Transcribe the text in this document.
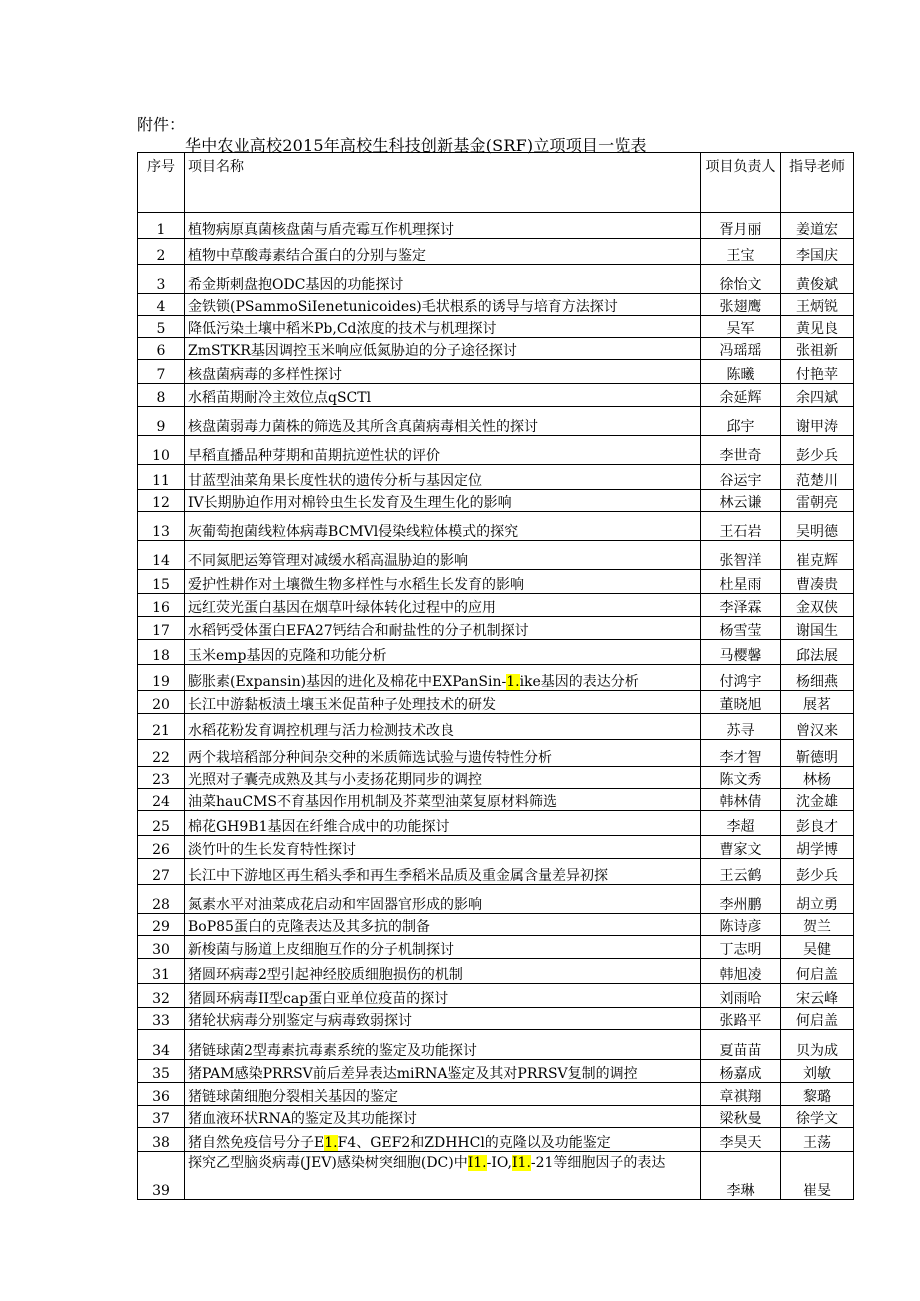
附件：
华中农业高校2015年高校生科技创新基金(SRF)立项项目一览表
序号	项目名称	项目负责人	指导老师
1	植物病原真菌核盘菌与盾壳霉互作机理探讨	胥月丽	姜道宏
2	植物中草酸毒素结合蛋白的分别与鉴定	王宝	李国庆
3	希金斯刺盘抱ODC基因的功能探讨	徐怡文	黄俊斌
4	金铁锁(PSammoSiIenetunicoides)毛状根系的诱导与培育方法探讨	张翅鹰	王炳锐
5	降低污染土壤中稻米Pb,Cd浓度的技术与机理探讨	吴军	黄见良
6	ZmSTKR基因调控玉米响应低氮胁迫的分子途径探讨	冯瑶瑶	张祖新
7	核盘菌病毒的多样性探讨	陈曦	付艳苹
8	水稻苗期耐冷主效位点qSCTl	余延辉	余四斌
9	核盘菌弱毒力菌株的筛选及其所含真菌病毒相关性的探讨	邱宇	谢甲涛
10	早稻直播品种芽期和苗期抗逆性状的评价	李世奇	彭少兵
11	甘蓝型油菜角果长度性状的遗传分析与基因定位	谷运宇	范楚川
12	IV长期胁迫作用对棉铃虫生长发育及生理生化的影响	林云谦	雷朝亮
13	灰葡萄抱菌线粒体病毒BCMVl侵染线粒体模式的探究	王石岩	吴明德
14	不同氮肥运筹管理对减缓水稻高温胁迫的影响	张智洋	崔克辉
15	爱护性耕作对土壤微生物多样性与水稻生长发育的影响	杜星雨	曹凑贵
16	远红荧光蛋白基因在烟草叶绿体转化过程中的应用	李泽霖	金双侠
17	水稻钙受体蛋白EFA27钙结合和耐盐性的分子机制探讨	杨雪莹	谢国生
18	玉米emp基因的克隆和功能分析	马樱馨	邱法展
19	膨胀素(Expansin)基因的进化及棉花中EXPanSin-1.ike基因的表达分析	付鸿宇	杨细燕
20	长江中游黏板渍土壤玉米促苗种子处理技术的研发	董晓旭	展茗
21	水稻花粉发育调控机理与活力检测技术改良	苏寻	曾汉来
22	两个栽培稻部分种间杂交种的米质筛选试验与遗传特性分析	李才智	靳德明
23	光照对子囊壳成熟及其与小麦扬花期同步的调控	陈文秀	林杨
24	油菜hauCMS不育基因作用机制及芥菜型油菜复原材料筛选	韩林倩	沈金雄
25	棉花GH9B1基因在纤维合成中的功能探讨	李超	彭良才
26	淡竹叶的生长发育特性探讨	曹家文	胡学博
27	长江中下游地区再生稻头季和再生季稻米品质及重金属含量差异初探	王云鹤	彭少兵
28	氮素水平对油菜成花启动和牢固器官形成的影响	李州鹏	胡立勇
29	BoP85蛋白的克隆表达及其多抗的制备	陈诗彦	贺兰
30	新梭菌与肠道上皮细胞互作的分子机制探讨	丁志明	吴健
31	猪圆环病毒2型引起神经胶质细胞损伤的机制	韩旭凌	何启盖
32	猪圆环病毒II型cap蛋白亚单位疫苗的探讨	刘雨哈	宋云峰
33	猪轮状病毒分别鉴定与病毒致弱探讨	张路平	何启盖
34	猪链球菌2型毒素抗毒素系统的鉴定及功能探讨	夏苗苗	贝为成
35	猪PAM感染PRRSV前后差异表达miRNA鉴定及其对PRRSV复制的调控	杨嘉成	刘敏
36	猪链球菌细胞分裂相关基因的鉴定	章祺翔	黎璐
37	猪血液环状RNA的鉴定及其功能探讨	梁秋曼	徐学文
38	猪自然免疫信号分子E1.F4、GEF2和ZDHHCl的克隆以及功能鉴定	李昊天	王荡
39	探究乙型脑炎病毒(JEV)感染树突细胞(DC)中I1.-IO,I1.-21等细胞因子的表达	李琳	崔旻
